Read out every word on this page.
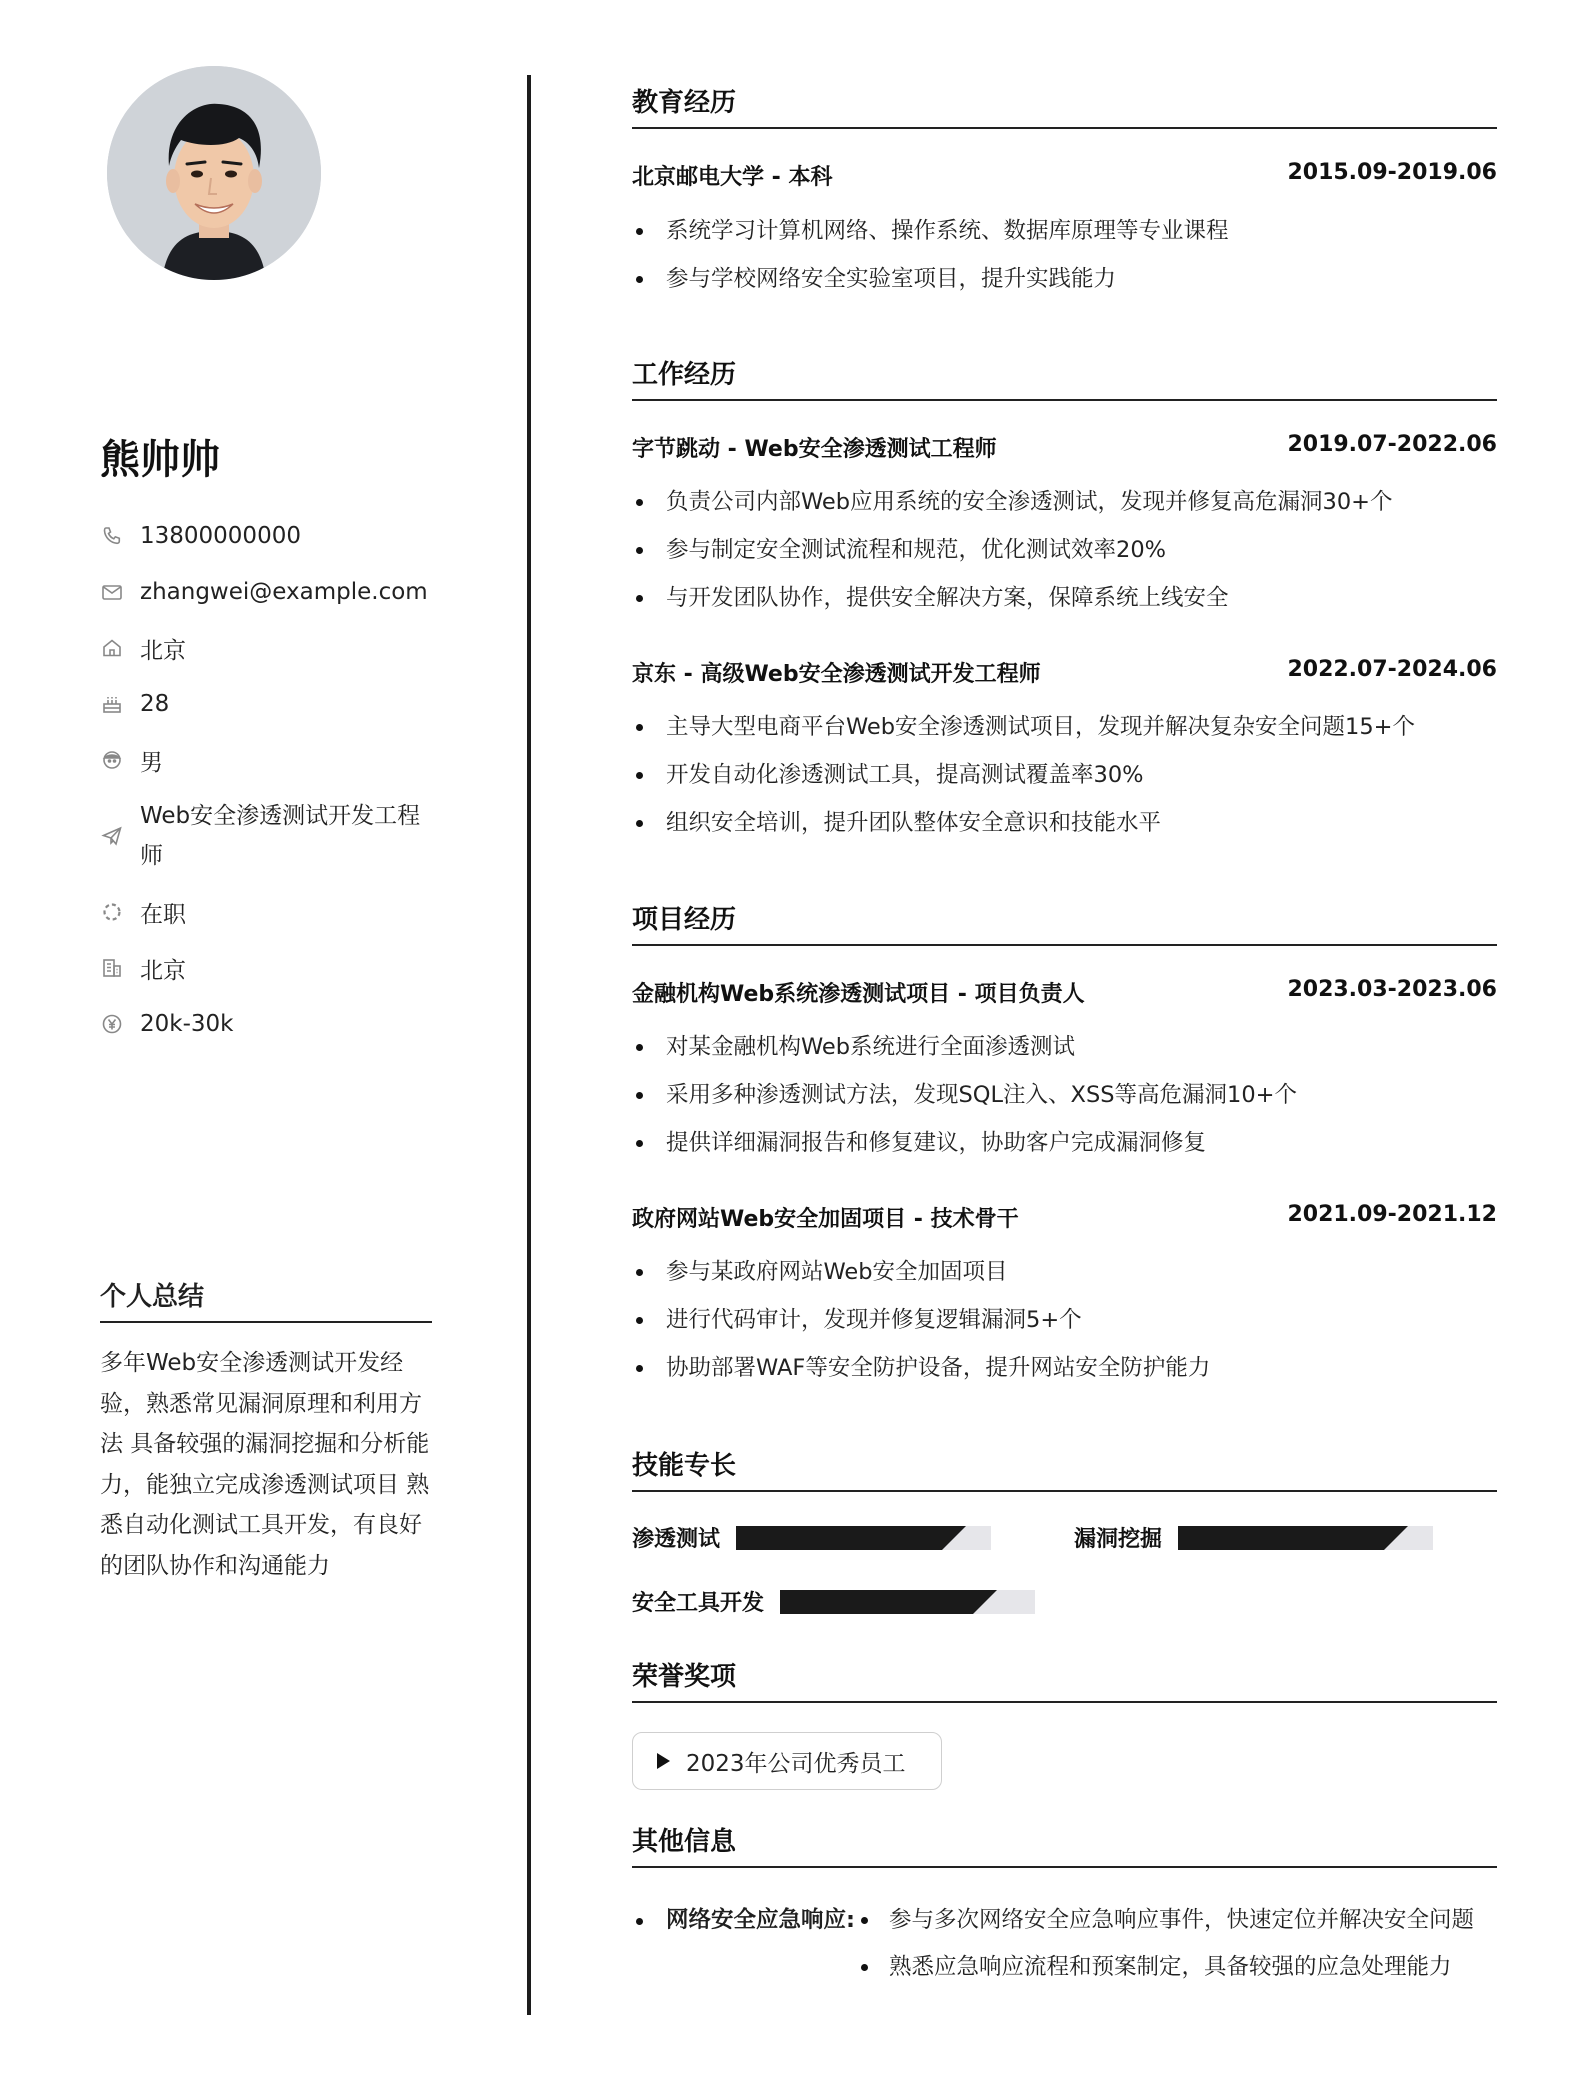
熊帅帅
13800000000
zhangwei@example.com
北京
28
男
Web安全渗透测试开发工程师
在职
北京
20k-30k
个人总结

多年Web安全渗透测试开发经验，熟悉常见漏洞原理和利用方法 具备较强的漏洞挖掘和分析能力，能独立完成渗透测试项目 熟悉自动化测试工具开发，有良好的团队协作和沟通能力

教育经历
北京邮电大学 - 本科	2015.09-2019.06
系统学习计算机网络、操作系统、数据库原理等专业课程
参与学校网络安全实验室项目，提升实践能力
工作经历
字节跳动 - Web安全渗透测试工程师	2019.07-2022.06
负责公司内部Web应用系统的安全渗透测试，发现并修复高危漏洞30+个
参与制定安全测试流程和规范，优化测试效率20%
与开发团队协作，提供安全解决方案，保障系统上线安全
京东 - 高级Web安全渗透测试开发工程师	2022.07-2024.06
主导大型电商平台Web安全渗透测试项目，发现并解决复杂安全问题15+个
开发自动化渗透测试工具，提高测试覆盖率30%
组织安全培训，提升团队整体安全意识和技能水平
项目经历
金融机构Web系统渗透测试项目 - 项目负责人	2023.03-2023.06
对某金融机构Web系统进行全面渗透测试
采用多种渗透测试方法，发现SQL注入、XSS等高危漏洞10+个
提供详细漏洞报告和修复建议，协助客户完成漏洞修复
政府网站Web安全加固项目 - 技术骨干	2021.09-2021.12
参与某政府网站Web安全加固项目
进行代码审计，发现并修复逻辑漏洞5+个
协助部署WAF等安全防护设备，提升网站安全防护能力
技能专长
渗透测试	漏洞挖掘
安全工具开发
荣誉奖项
2023年公司优秀员工
其他信息
网络安全应急响应:	参与多次网络安全应急响应事件，快速定位并解决安全问题
熟悉应急响应流程和预案制定，具备较强的应急处理能力
